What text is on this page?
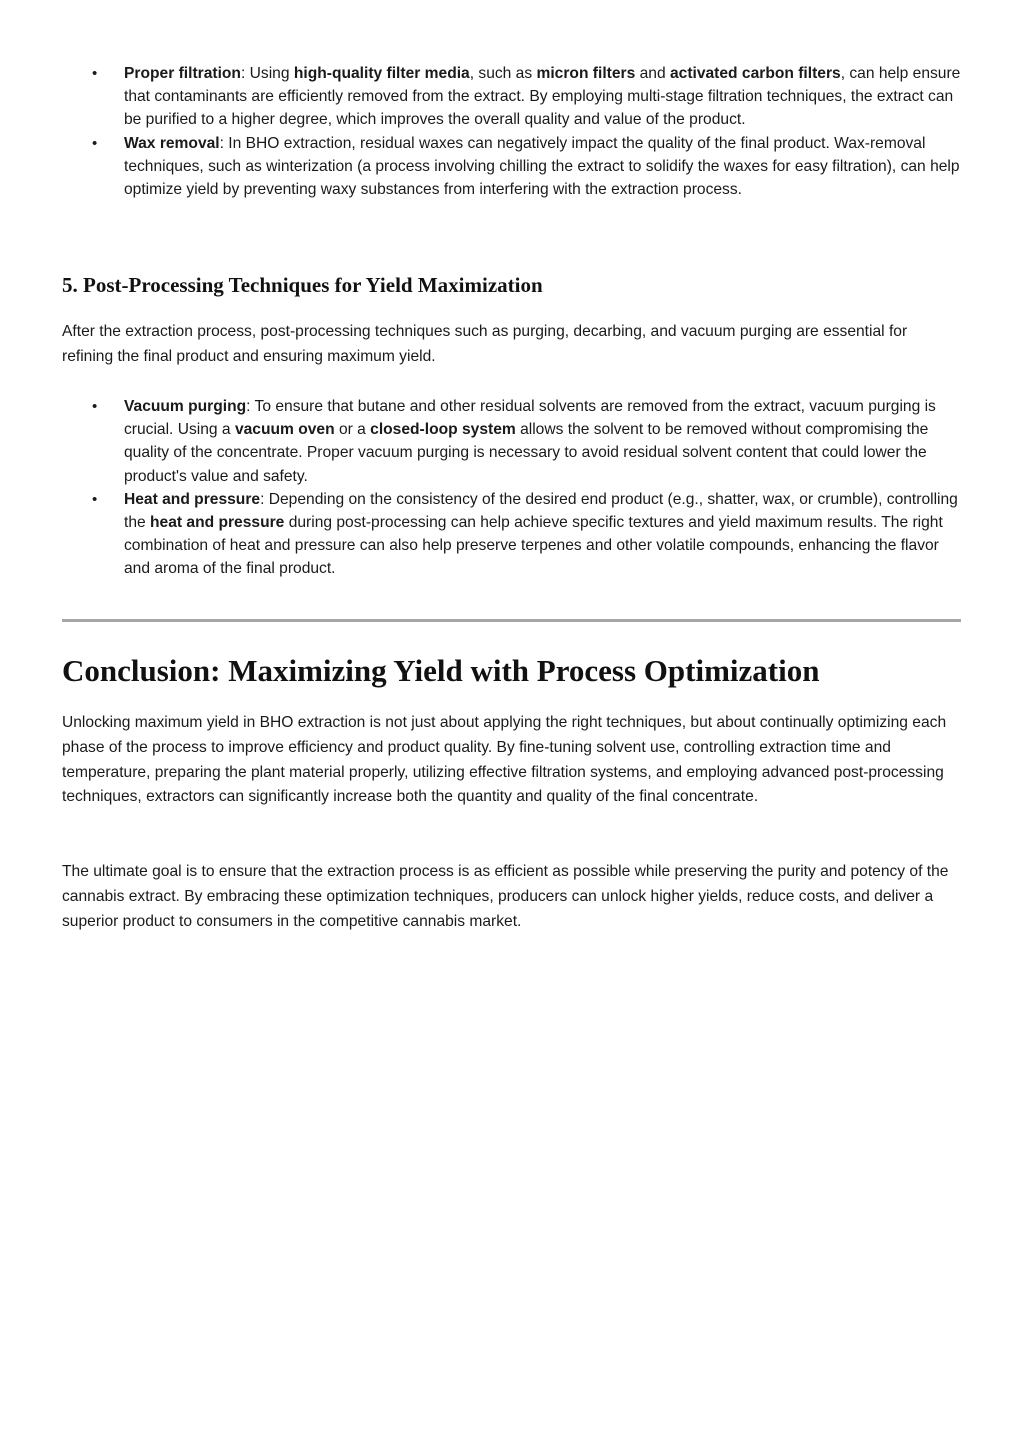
• Proper filtration: Using high-quality filter media, such as micron filters and activated carbon filters, can help ensure that contaminants are efficiently removed from the extract. By employing multi-stage filtration techniques, the extract can be purified to a higher degree, which improves the overall quality and value of the product.
• Wax removal: In BHO extraction, residual waxes can negatively impact the quality of the final product. Wax-removal techniques, such as winterization (a process involving chilling the extract to solidify the waxes for easy filtration), can help optimize yield by preventing waxy substances from interfering with the extraction process.
5. Post-Processing Techniques for Yield Maximization

After the extraction process, post-processing techniques such as purging, decarbing, and vacuum purging are essential for refining the final product and ensuring maximum yield.

• Vacuum purging: To ensure that butane and other residual solvents are removed from the extract, vacuum purging is crucial. Using a vacuum oven or a closed-loop system allows the solvent to be removed without compromising the quality of the concentrate. Proper vacuum purging is necessary to avoid residual solvent content that could lower the product's value and safety.
• Heat and pressure: Depending on the consistency of the desired end product (e.g., shatter, wax, or crumble), controlling the heat and pressure during post-processing can help achieve specific textures and yield maximum results. The right combination of heat and pressure can also help preserve terpenes and other volatile compounds, enhancing the flavor and aroma of the final product.
Conclusion: Maximizing Yield with Process Optimization

Unlocking maximum yield in BHO extraction is not just about applying the right techniques, but about continually optimizing each phase of the process to improve efficiency and product quality. By fine-tuning solvent use, controlling extraction time and temperature, preparing the plant material properly, utilizing effective filtration systems, and employing advanced post-processing techniques, extractors can significantly increase both the quantity and quality of the final concentrate.

The ultimate goal is to ensure that the extraction process is as efficient as possible while preserving the purity and potency of the cannabis extract. By embracing these optimization techniques, producers can unlock higher yields, reduce costs, and deliver a superior product to consumers in the competitive cannabis market.
